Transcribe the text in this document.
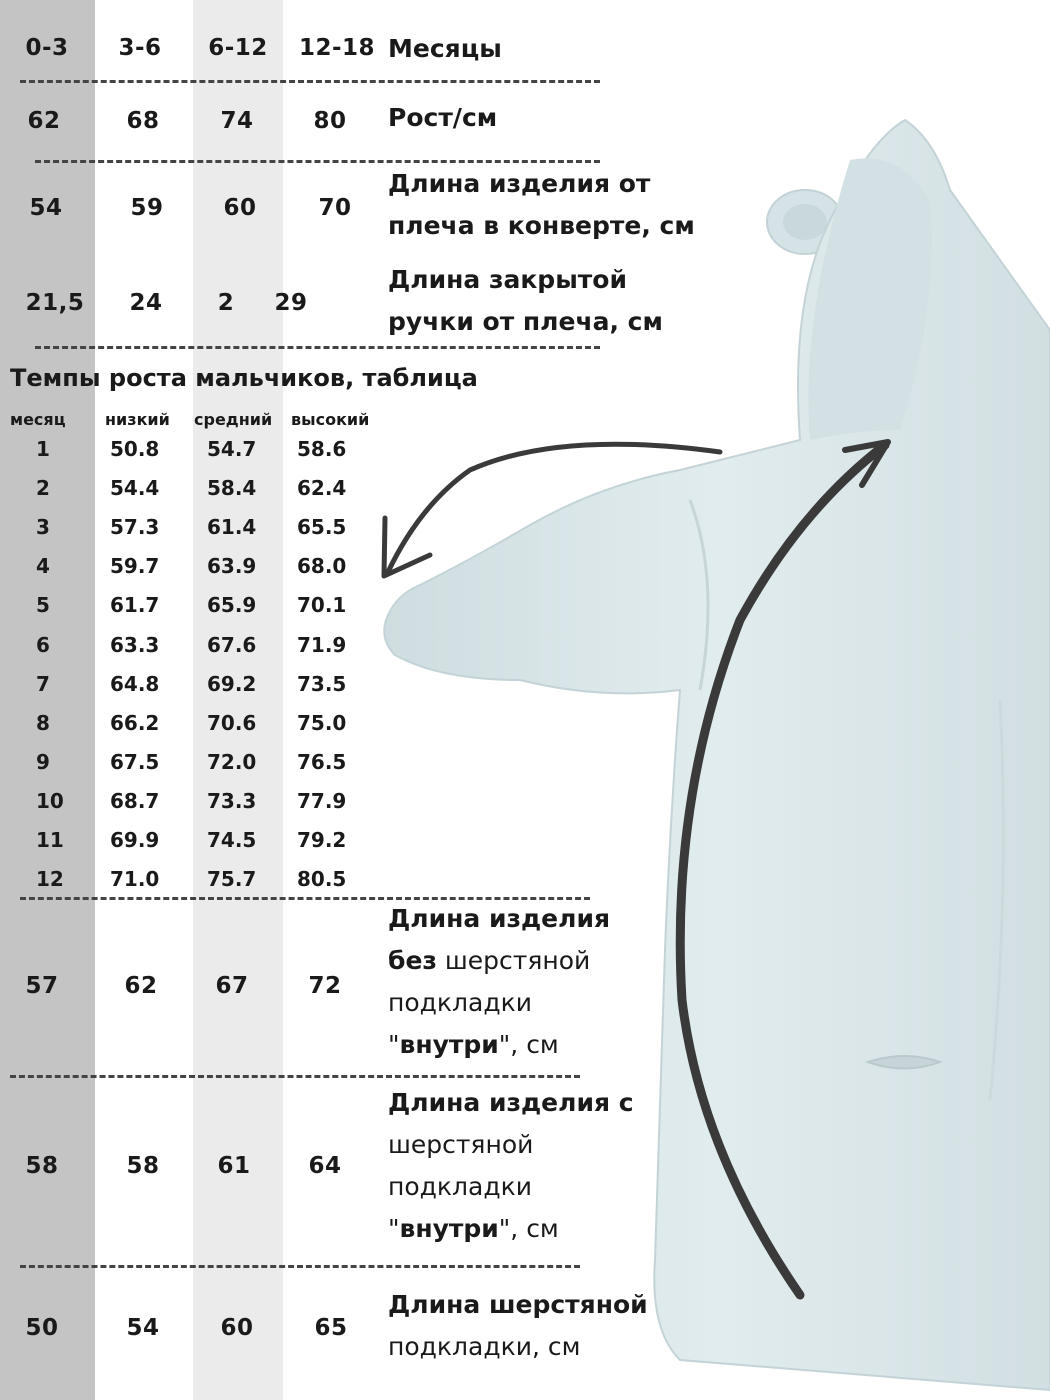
0-3 3-6 6-12 12-18 Месяцы
62	68	74	80 Рост/см
54	59	60	70
Длина изделия от
плеча в конверте, см
21,5 24 2 29
Длина закрытой
ручки от плеча, см
Темпы роста мальчиков, таблица
месяц низкий средний высокий
1	50.8 54.7 58.6
2	54.4 58.4 62.4
3	57.3 61.4 65.5
4	59.7 63.9 68.0
5	61.7 65.9 70.1
6	63.3 67.6 71.9
7	64.8 69.2 73.5
8	66.2 70.6 75.0
9	67.5 72.0 76.5
10 68.7 73.3 77.9
11 69.9 74.5 79.2
12 71.0 75.7 80.5
57	62	67	72
Длина изделия
без шерстяной
подкладки
"внутри", см
58	58	61	64
Длина изделия с
шерстяной
подкладки
"внутри", см
50	54	60	65
Длина шерстяной
подкладки, см
